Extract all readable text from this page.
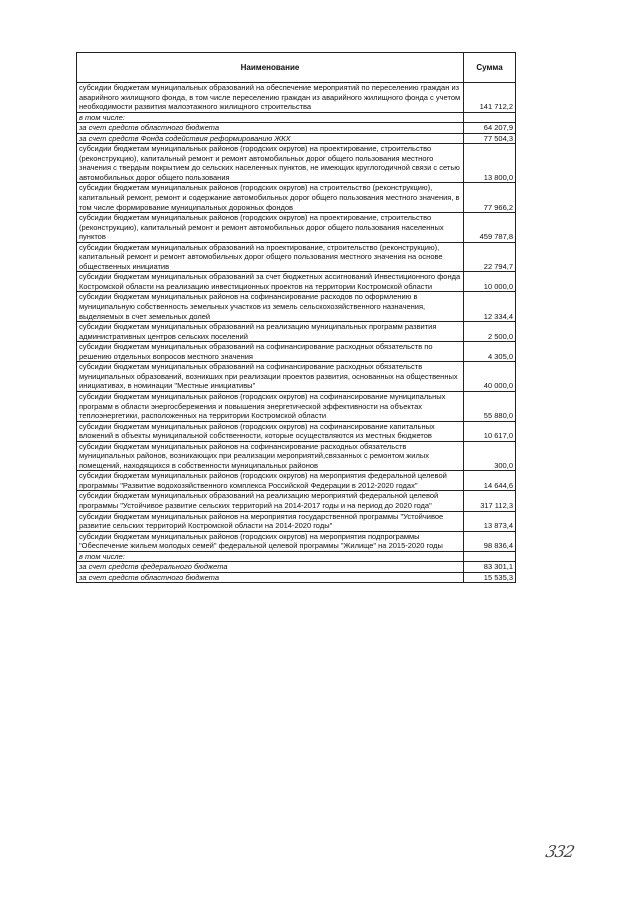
Наименование	Сумма
субсидии бюджетам муниципальных образований на обеспечение мероприятий по переселению граждан из аварийного жилищного фонда, в том числе переселению граждан из аварийного жилищного фонда с учетом необходимости развития малоэтажного жилищного строительства	141 712,2
в том числе:	
за счет средств областного бюджета	64 207,9
за счет средств Фонда содействия реформированию ЖКХ	77 504,3
субсидии бюджетам муниципальных районов (городских округов) на проектирование, строительство (реконструкцию), капитальный ремонт и ремонт автомобильных дорог общего пользования местного значения с твердым покрытием до сельских населенных пунктов, не имеющих круглогодичной связи с сетью автомобильных дорог общего пользования	13 800,0
субсидии бюджетам муниципальных районов (городских округов) на строительство (реконструкцию), капитальный ремонт, ремонт и содержание автомобильных дорог общего пользования местного значения, в том числе формирование муниципальных дорожных фондов	77 966,2
субсидии бюджетам муниципальных районов (городских округов) на проектирование, строительство (реконструкцию), капитальный ремонт и ремонт автомобильных дорог общего пользования населенных пунктов	459 787,8
субсидии бюджетам муниципальных образований на проектирование, строительство (реконструкцию), капитальный ремонт и ремонт автомобильных дорог общего пользования местного значения на основе общественных инициатив	22 794,7
субсидии бюджетам муниципальных образований за счет бюджетных ассигнований Инвестиционного фонда Костромской области на реализацию инвестиционных проектов на территории Костромской области	10 000,0
субсидии бюджетам муниципальных районов на софинансирование расходов по оформлению в муниципальную собственность земельных участков из земель сельскохозяйственного назначения, выделяемых в счет земельных долей	12 334,4
субсидии бюджетам муниципальных образований на реализацию муниципальных программ развития административных центров сельских поселений	2 500,0
субсидии бюджетам муниципальных образований на софинансирование расходных обязательств по решению отдельных вопросов местного значения	4 305,0
субсидии бюджетам муниципальных образований на софинансирование расходных обязательств муниципальных образований, возникших при реализации проектов развития, основанных на общественных инициативах, в номинации "Местные инициативы"	40 000,0
субсидии бюджетам муниципальных районов (городских округов) на софинансирование муниципальных программ в области энергосбережения и повышения энергетической эффективности на объектах теплоэнергетики, расположенных на территории Костромской области	55 880,0
субсидии бюджетам муниципальных районов (городских округов) на софинансирование капитальных вложений в объекты муниципальной собственности, которые осуществляются из местных бюджетов	10 617,0
субсидии бюджетам муниципальных районов на софинансирование расходных обязательств муниципальных районов, возникающих при реализации мероприятий,связанных с ремонтом жилых помещений, находящихся в собственности муниципальных районов	300,0
субсидии бюджетам муниципальных районов (городских округов) на мероприятия федеральной целевой программы "Развитие водохозяйственного комплекса Российской Федерации в 2012-2020 годах"	14 644,6
субсидии бюджетам муниципальных образований на реализацию мероприятий федеральной целевой программы "Устойчивое развитие сельских территорий на 2014-2017 годы и на период до 2020 года"	317 112,3
субсидии бюджетам муниципальных районов на мероприятия государственной программы "Устойчивое развитие сельских территорий Костромской области на 2014-2020 годы"	13 873,4
субсидии бюджетам муниципальных районов (городских округов) на мероприятия подпрограммы "Обеспечение жильем молодых семей" федеральной целевой программы "Жилище" на 2015-2020 годы	98 836,4
в том числе:	
за счет средств федерального бюджета	83 301,1
за счет средств областного бюджета	15 535,3
332
